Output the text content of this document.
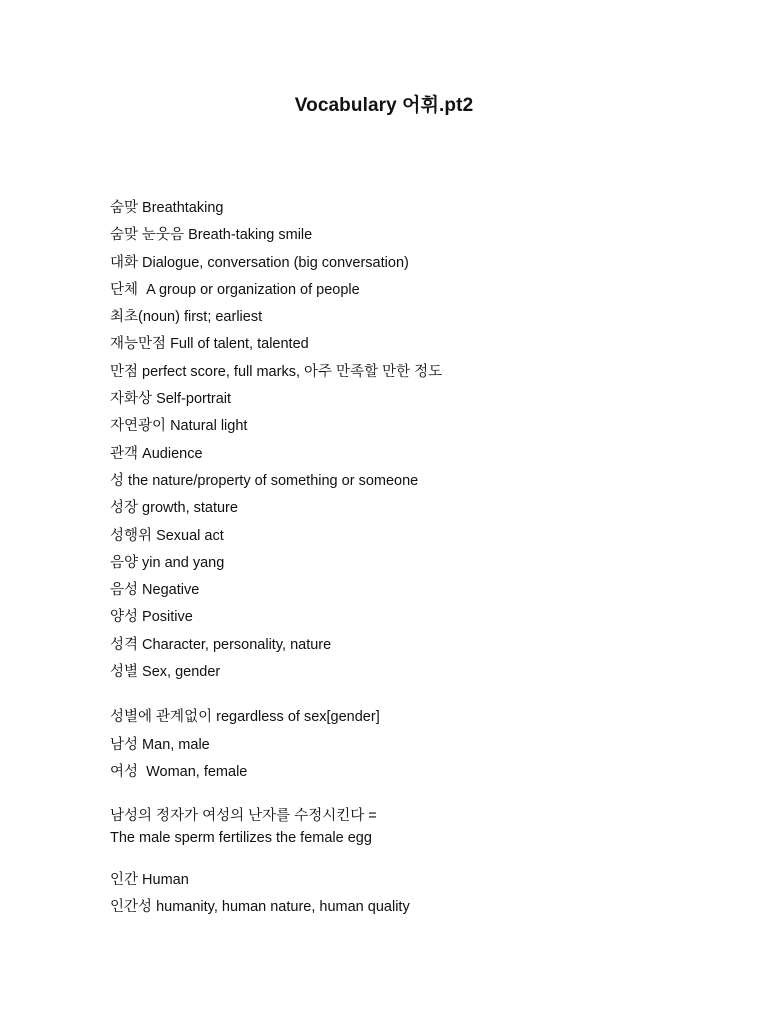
Vocabulary 어휘.pt2
숨맞 Breathtaking
숨맞 눈웃음 Breath-taking smile
대화 Dialogue, conversation (big conversation)
단체  A group or organization of people
최초(noun) first; earliest
재능만점 Full of talent, talented
만점 perfect score, full marks, 아주 만족할 만한 정도
자화상 Self-portrait
자연광이 Natural light
관객 Audience
성 the nature/property of something or someone
성장 growth, stature
성행위 Sexual act
음양 yin and yang
음성 Negative
양성 Positive
성격 Character, personality, nature
성별 Sex, gender
성별에 관계없이 regardless of sex[gender]
남성 Man, male
여성  Woman, female
남성의 정자가 여성의 난자를 수정시킨다 =
The male sperm fertilizes the female egg
인간 Human
인간성 humanity, human nature, human quality
